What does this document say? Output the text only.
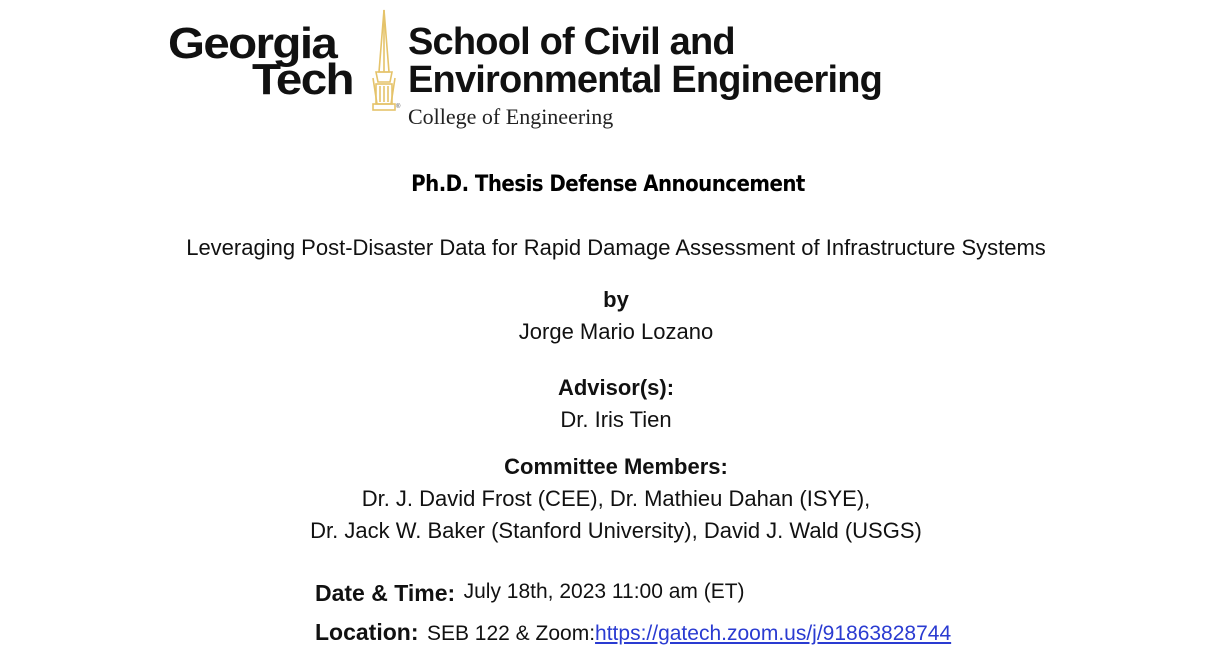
Georgia
Tech
®
School of Civil and
Environmental Engineering
College of Engineering
Ph.D. Thesis Defense Announcement
Leveraging Post-Disaster Data for Rapid Damage Assessment of Infrastructure Systems
by
Jorge Mario Lozano
Advisor(s):
Dr. Iris Tien
Committee Members:
Dr. J. David Frost (CEE), Dr. Mathieu Dahan (ISYE),
Dr. Jack W. Baker (Stanford University), David J. Wald (USGS)
Date & Time: July 18th, 2023 11:00 am (ET)
Location: SEB 122 & Zoom:https://gatech.zoom.us/j/91863828744
